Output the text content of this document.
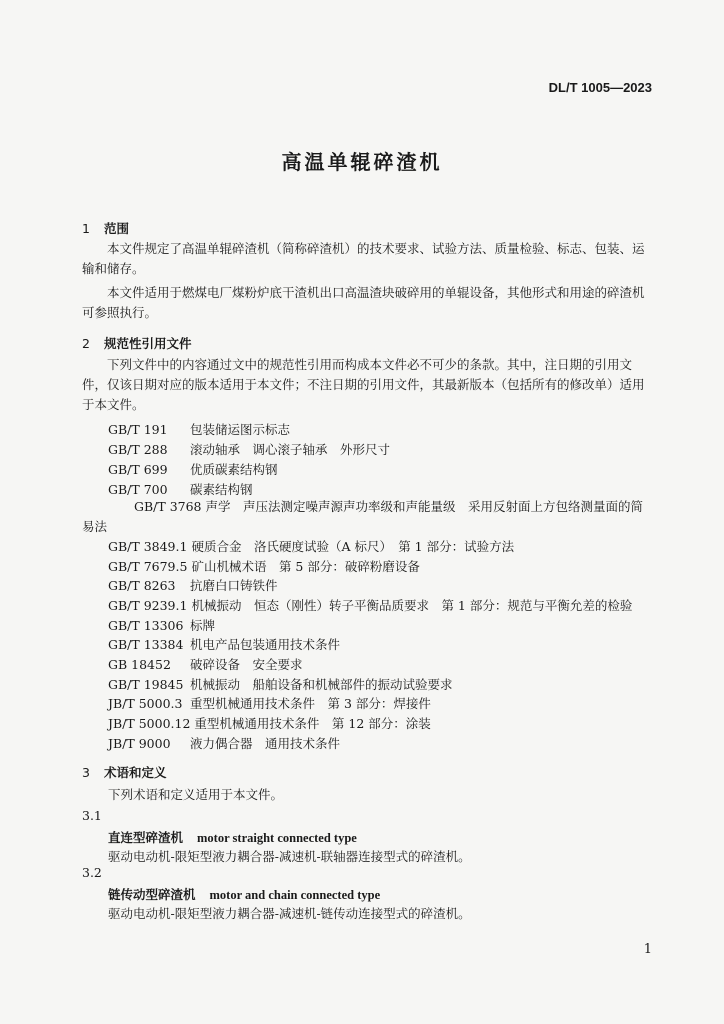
DL/T 1005—2023
高温单辊碎渣机
1 范围
本文件规定了高温单辊碎渣机（简称碎渣机）的技术要求、试验方法、质量检验、标志、包装、运输和储存。
本文件适用于燃煤电厂煤粉炉底干渣机出口高温渣块破碎用的单辊设备，其他形式和用途的碎渣机可参照执行。
2 规范性引用文件
下列文件中的内容通过文中的规范性引用而构成本文件必不可少的条款。其中，注日期的引用文件，仅该日期对应的版本适用于本文件；不注日期的引用文件，其最新版本（包括所有的修改单）适用于本文件。
GB/T 191 包装储运图示标志
GB/T 288 滚动轴承　调心滚子轴承　外形尺寸
GB/T 699 优质碳素结构钢
GB/T 700 碳素结构钢
GB/T 3768 声学　声压法测定噪声源声功率级和声能量级　采用反射面上方包络测量面的简易法
GB/T 3849.1 硬质合金　洛氏硬度试验（A 标尺）　第 1 部分：试验方法
GB/T 7679.5 矿山机械术语　第 5 部分：破碎粉磨设备
GB/T 8263 抗磨白口铸铁件
GB/T 9239.1 机械振动　恒态（刚性）转子平衡品质要求　第 1 部分：规范与平衡允差的检验
GB/T 13306 标牌
GB/T 13384 机电产品包装通用技术条件
GB 18452 破碎设备　安全要求
GB/T 19845 机械振动　船舶设备和机械部件的振动试验要求
JB/T 5000.3 重型机械通用技术条件　第 3 部分：焊接件
JB/T 5000.12 重型机械通用技术条件　第 12 部分：涂装
JB/T 9000 液力偶合器　通用技术条件
3 术语和定义
下列术语和定义适用于本文件。
3.1
直连型碎渣机 motor straight connected type
驱动电动机-限矩型液力耦合器-减速机-联轴器连接型式的碎渣机。
3.2
链传动型碎渣机 motor and chain connected type
驱动电动机-限矩型液力耦合器-减速机-链传动连接型式的碎渣机。
1
